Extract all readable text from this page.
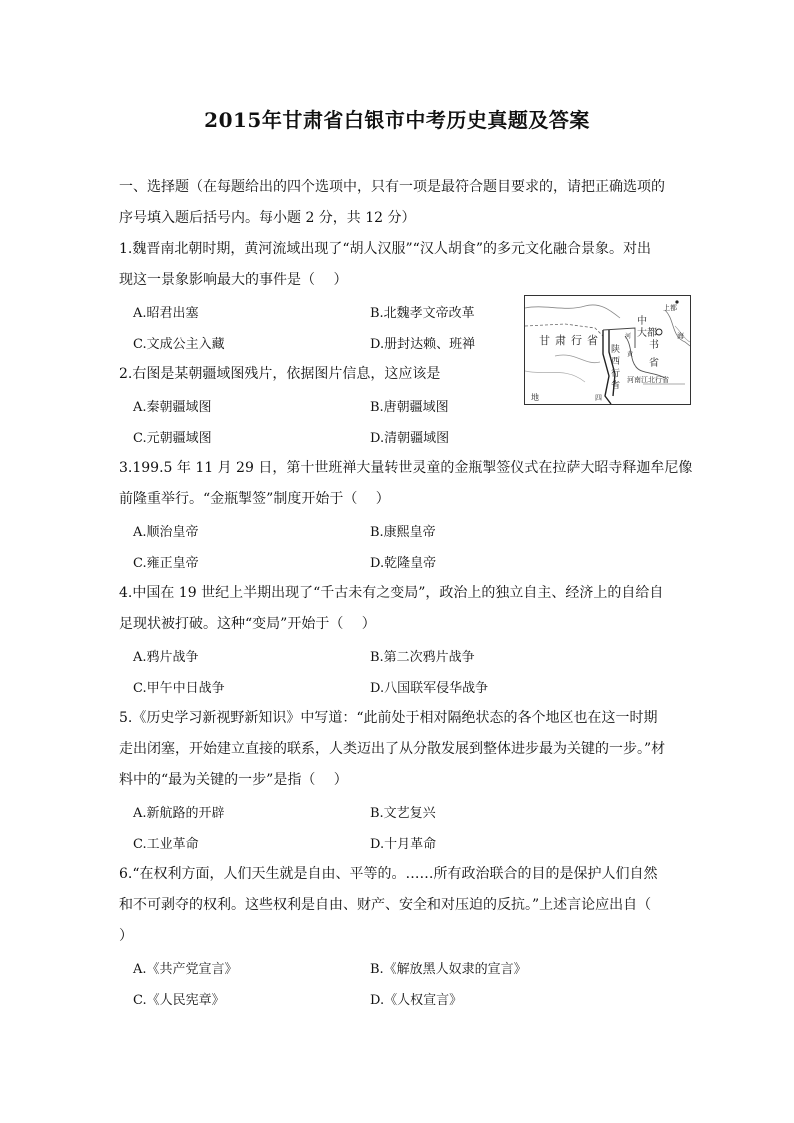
2015年甘肃省白银市中考历史真题及答案
一、选择题（在每题给出的四个选项中，只有一项是最符合题目要求的，请把正确选项的
序号填入题后括号内。每小题 2 分，共 12 分）
1.魏晋南北朝时期，黄河流域出现了“胡人汉服”“汉人胡食”的多元文化融合景象。对出
现这一景象影响最大的事件是（　 ）
A.昭君出塞	B.北魏孝文帝改革
C.文成公主入藏	D.册封达赖、班禅
2.右图是某朝疆域图残片，依据图片信息，这应该是
A.秦朝疆域图	B.唐朝疆域图
C.元朝疆域图	D.清朝疆域图
甘 肃 行 省
陕
西
行
省
中
书
省
大都
上都
河南江北行省
地	四
黄
河	海
3.199.5 年 11 月 29 日，第十世班禅大量转世灵童的金瓶掣签仪式在拉萨大昭寺释迦牟尼像
前隆重举行。“金瓶掣签”制度开始于（　 ）
A.顺治皇帝	B.康熙皇帝
C.雍正皇帝	D.乾隆皇帝
4.中国在 19 世纪上半期出现了“千古未有之变局”，政治上的独立自主、经济上的自给自
足现状被打破。这种“变局”开始于（　 ）
A.鸦片战争	B.第二次鸦片战争
C.甲午中日战争	D.八国联军侵华战争
5.《历史学习新视野新知识》中写道：“此前处于相对隔绝状态的各个地区也在这一时期
走出闭塞，开始建立直接的联系，人类迈出了从分散发展到整体进步最为关键的一步。”材
料中的“最为关键的一步”是指（　 ）
A.新航路的开辟	B.文艺复兴
C.工业革命	D.十月革命
6.“在权利方面，人们天生就是自由、平等的。……所有政治联合的目的是保护人们自然
和不可剥夺的权利。这些权利是自由、财产、安全和对压迫的反抗。”上述言论应出自（
）
A.《共产党宣言》	B.《解放黑人奴隶的宣言》
C.《人民宪章》	D.《人权宣言》
